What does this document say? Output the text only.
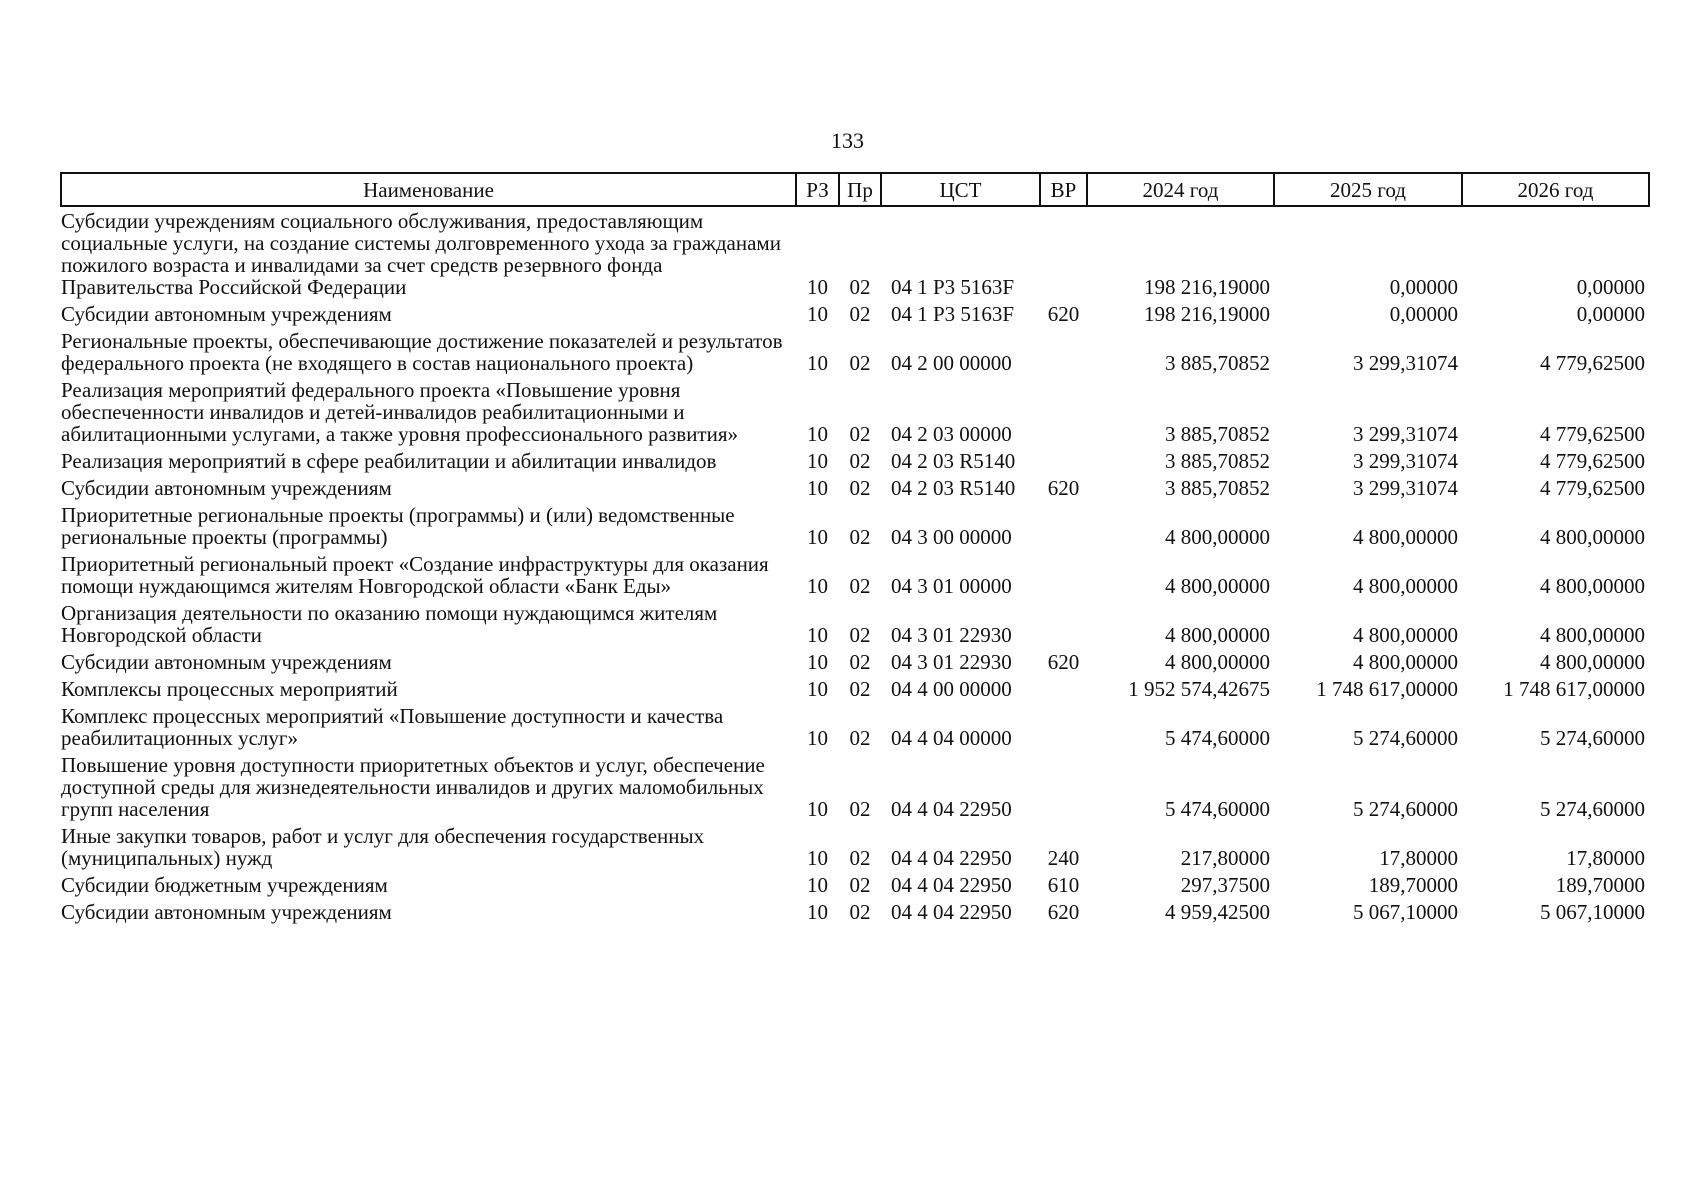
133
Наименование	РЗ	Пр	ЦСТ	ВР	2024 год	2025 год	2026 год
Субсидии учреждениям социального обслуживания, предоставляющим социальные услуги, на создание системы долговременного ухода за гражданами пожилого возраста и инвалидами за счет средств резервного фонда Правительства Российской Федерации	10	02	04 1 Р3 5163F		198 216,19000	0,00000	0,00000
Субсидии автономным учреждениям	10	02	04 1 Р3 5163F	620	198 216,19000	0,00000	0,00000
Региональные проекты, обеспечивающие достижение показателей и результатов федерального проекта (не входящего в состав национального проекта)	10	02	04 2 00 00000		3 885,70852	3 299,31074	4 779,62500
Реализация мероприятий федерального проекта «Повышение уровня обеспеченности инвалидов и детей-инвалидов реабилитационными и абилитационными услугами, а также уровня профессионального развития»	10	02	04 2 03 00000		3 885,70852	3 299,31074	4 779,62500
Реализация мероприятий в сфере реабилитации и абилитации инвалидов	10	02	04 2 03 R5140		3 885,70852	3 299,31074	4 779,62500
Субсидии автономным учреждениям	10	02	04 2 03 R5140	620	3 885,70852	3 299,31074	4 779,62500
Приоритетные региональные проекты (программы) и (или) ведомственные региональные проекты (программы)	10	02	04 3 00 00000		4 800,00000	4 800,00000	4 800,00000
Приоритетный региональный проект «Создание инфраструктуры для оказания помощи нуждающимся жителям Новгородской области «Банк Еды»	10	02	04 3 01 00000		4 800,00000	4 800,00000	4 800,00000
Организация деятельности по оказанию помощи нуждающимся жителям Новгородской области	10	02	04 3 01 22930		4 800,00000	4 800,00000	4 800,00000
Субсидии автономным учреждениям	10	02	04 3 01 22930	620	4 800,00000	4 800,00000	4 800,00000
Комплексы процессных мероприятий	10	02	04 4 00 00000		1 952 574,42675	1 748 617,00000	1 748 617,00000
Комплекс процессных мероприятий «Повышение доступности и качества реабилитационных услуг»	10	02	04 4 04 00000		5 474,60000	5 274,60000	5 274,60000
Повышение уровня доступности приоритетных объектов и услуг, обеспечение доступной среды для жизнедеятельности инвалидов и других маломобильных групп населения	10	02	04 4 04 22950		5 474,60000	5 274,60000	5 274,60000
Иные закупки товаров, работ и услуг для обеспечения государственных (муниципальных) нужд	10	02	04 4 04 22950	240	217,80000	17,80000	17,80000
Субсидии бюджетным учреждениям	10	02	04 4 04 22950	610	297,37500	189,70000	189,70000
Субсидии автономным учреждениям	10	02	04 4 04 22950	620	4 959,42500	5 067,10000	5 067,10000
